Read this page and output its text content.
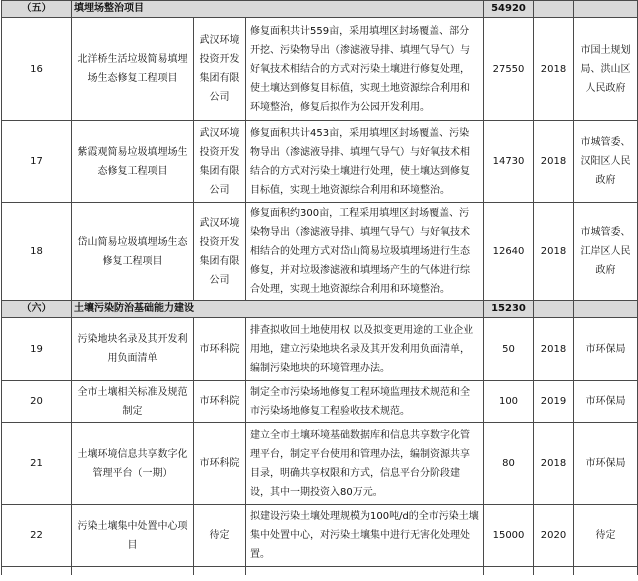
（五）	填埋场整治项目			54920		
16	北洋桥生活垃圾简易填埋场生态修复工程项目	武汉环境投资开发集团有限公司	修复面积共计559亩，采用填埋区封场覆盖、部分开挖、污染物导出（渗滤液导排、填埋气导气）与好氧技术相结合的方式对污染土壤进行修复处理，使土壤达到修复目标值，实现土地资源综合利用和环境整治，修复后拟作为公园开发利用。	27550	2018	市国土规划局、洪山区人民政府
17	紫霞观简易垃圾填埋场生态修复工程项目	武汉环境投资开发集团有限公司	修复面积共计453亩，采用填埋区封场覆盖、污染物导出（渗滤液导排、填埋气导气）与好氧技术相结合的方式对污染土壤进行处理，使土壤达到修复目标值，实现土地资源综合利用和环境整治。	14730	2018	市城管委、汉阳区人民政府
18	岱山简易垃圾填埋场生态修复工程项目	武汉环境投资开发集团有限公司	修复面积约300亩，工程采用填埋区封场覆盖、污染物导出（渗滤液导排、填埋气导气）与好氧技术相结合的处理方式对岱山简易垃圾填埋场进行生态修复，并对垃圾渗滤液和填埋场产生的气体进行综合处理，实现土地资源综合利用和环境整治。	12640	2018	市城管委、江岸区人民政府
（六）	土壤污染防治基础能力建设			15230		
19	污染地块名录及其开发利用负面清单	市环科院	排查拟收回土地使用权 以及拟变更用途的工业企业用地，建立污染地块名录及其开发利用负面清单，编制污染地块的环境管理办法。	50	2018	市环保局
20	全市土壤相关标准及规范制定	市环科院	制定全市污染场地修复工程环境监理技术规范和全市污染场地修复工程验收技术规范。	100	2019	市环保局
21	土壤环境信息共享数字化管理平台（一期）	市环科院	建立全市土壤环境基础数据库和信息共享数字化管理平台，制定平台使用和管理办法，编制资源共享目录，明确共享权限和方式，信息平台分阶段建设，其中一期投资入80万元。	80	2018	市环保局
22	污染土壤集中处置中心项目	待定	拟建设污染土壤处理规模为100吨/d的全市污染土壤集中处置中心，对污染土壤集中进行无害化处理处置。	15000	2020	待定
